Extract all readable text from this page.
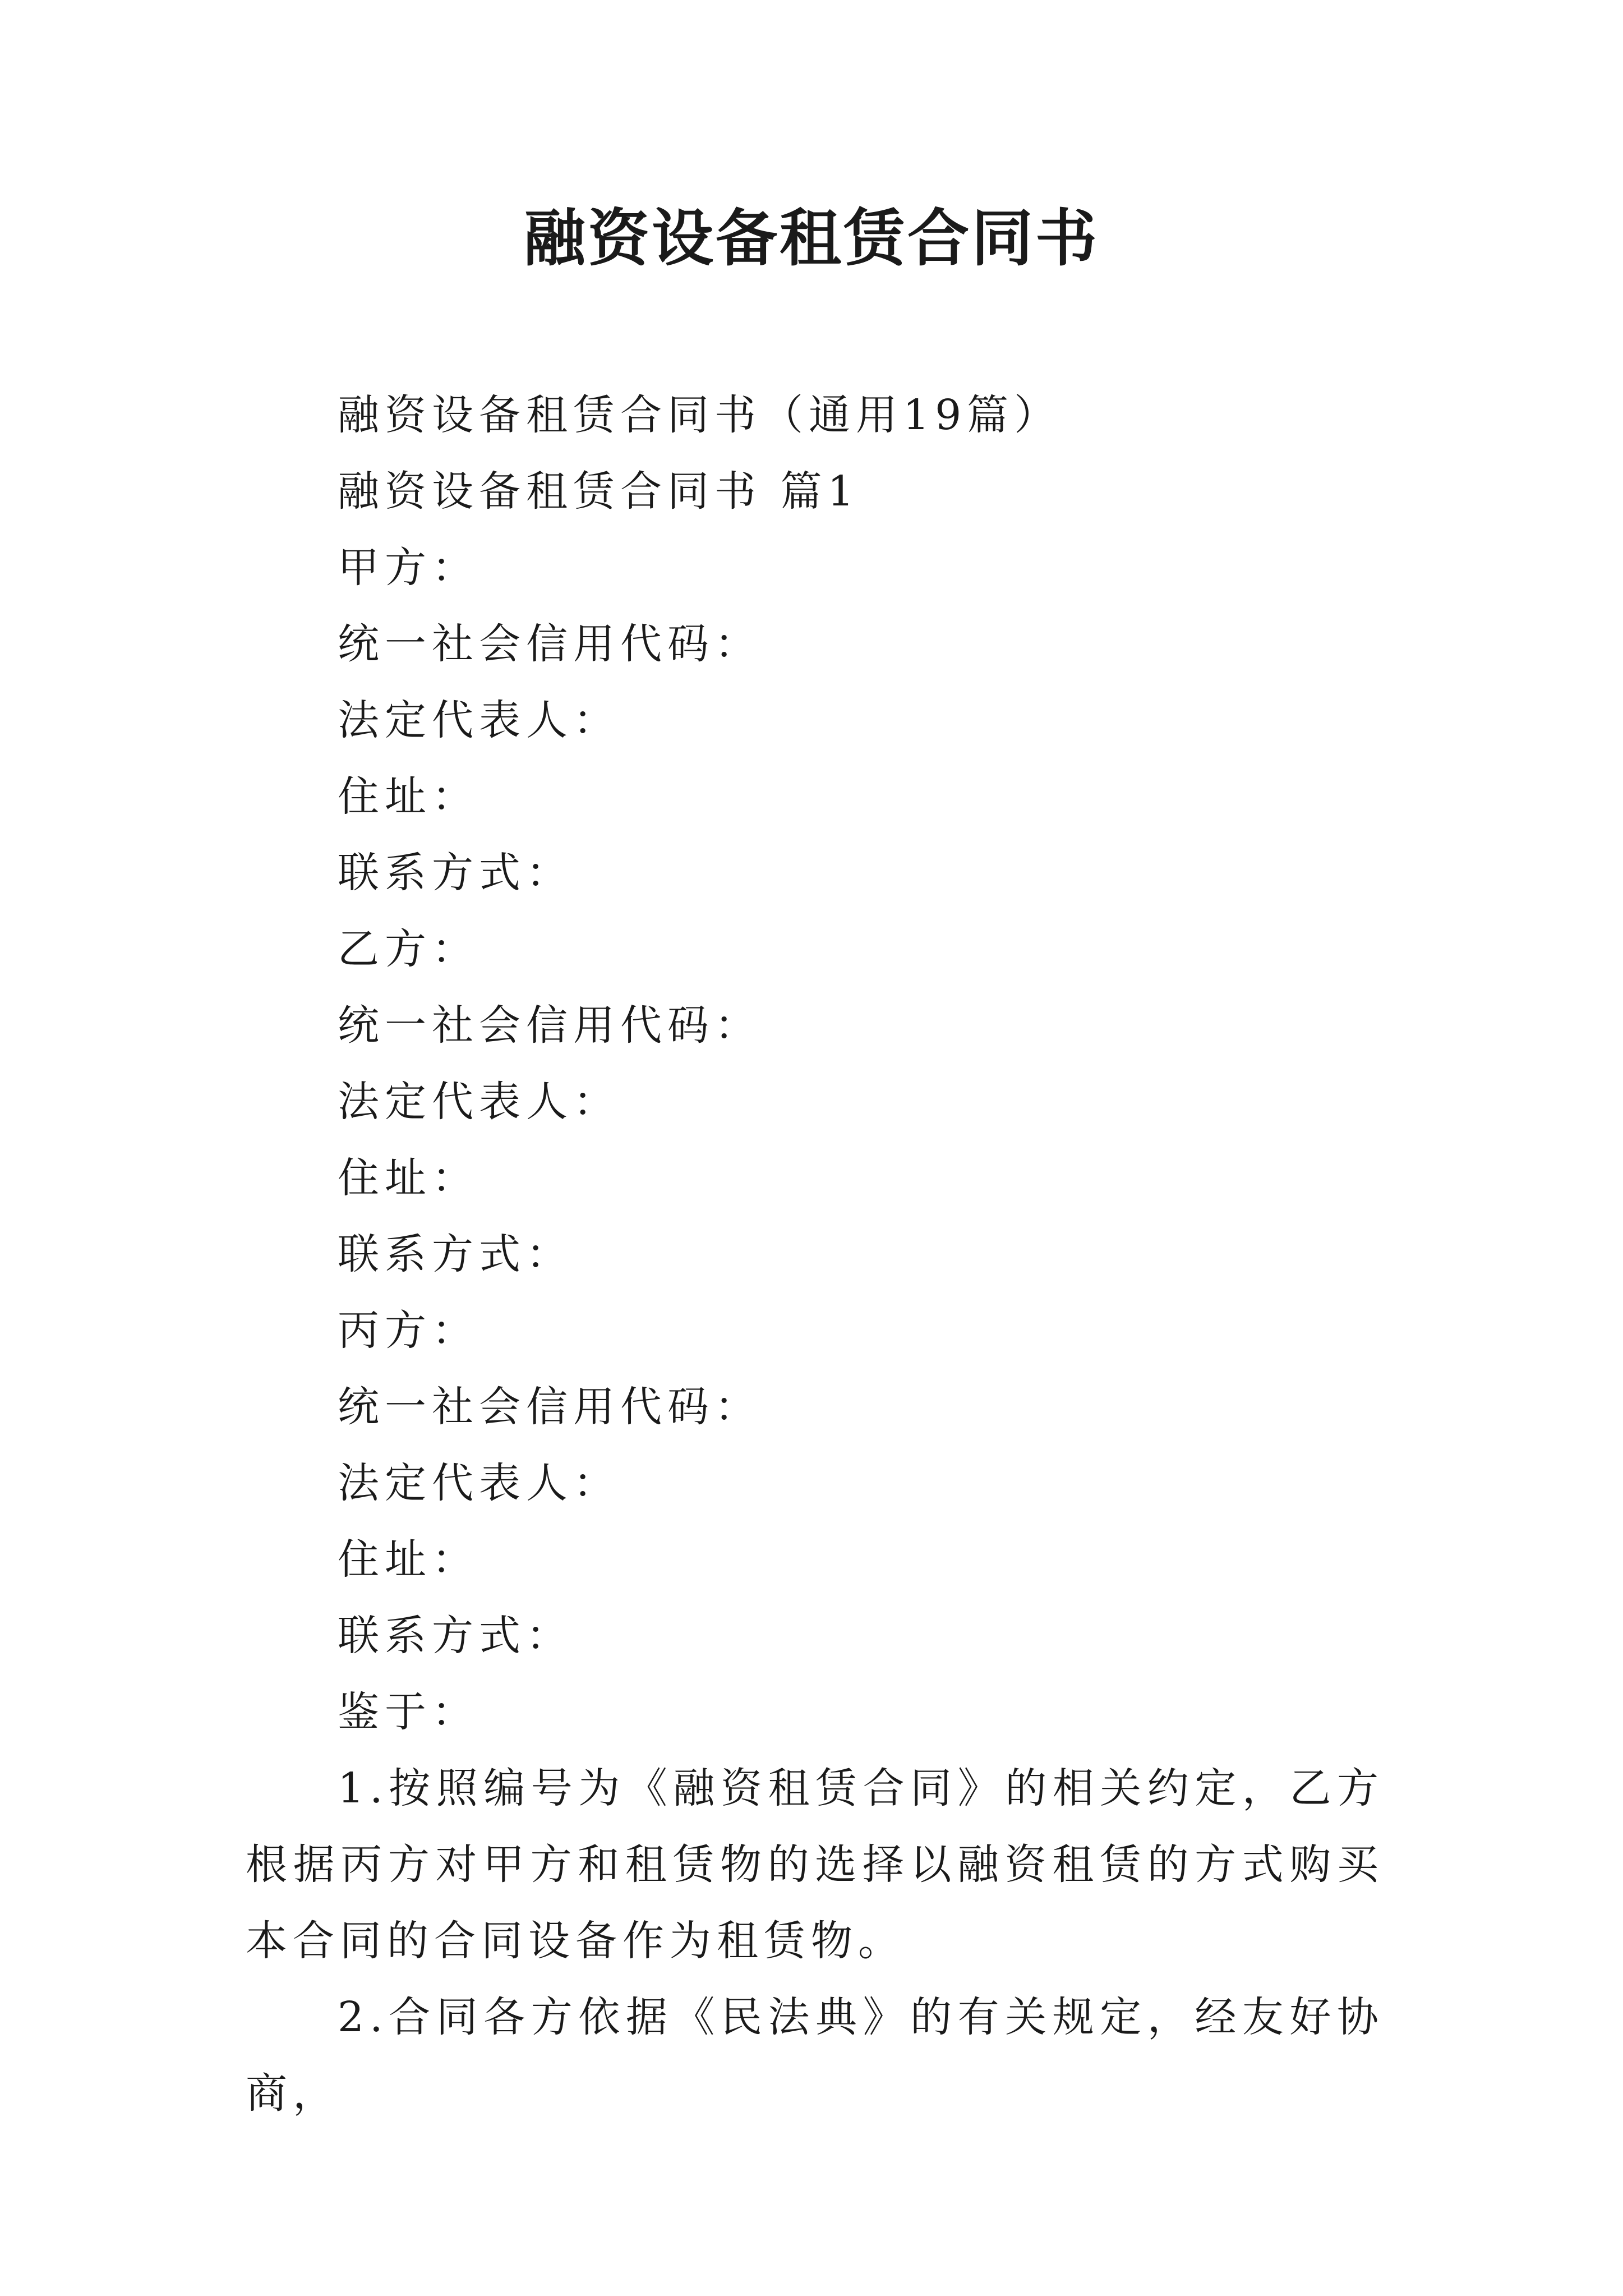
融资设备租赁合同书
融资设备租赁合同书（通用19篇）
融资设备租赁合同书 篇1
甲方：
统一社会信用代码：
法定代表人：
住址：
联系方式：
乙方：
统一社会信用代码：
法定代表人：
住址：
联系方式：
丙方：
统一社会信用代码：
法定代表人：
住址：
联系方式：
鉴于：

1.按照编号为《融资租赁合同》的相关约定，乙方根据丙方对甲方和租赁物的选择以融资租赁的方式购买本合同的合同设备作为租赁物。

2.合同各方依据《民法典》的有关规定，经友好协商，
